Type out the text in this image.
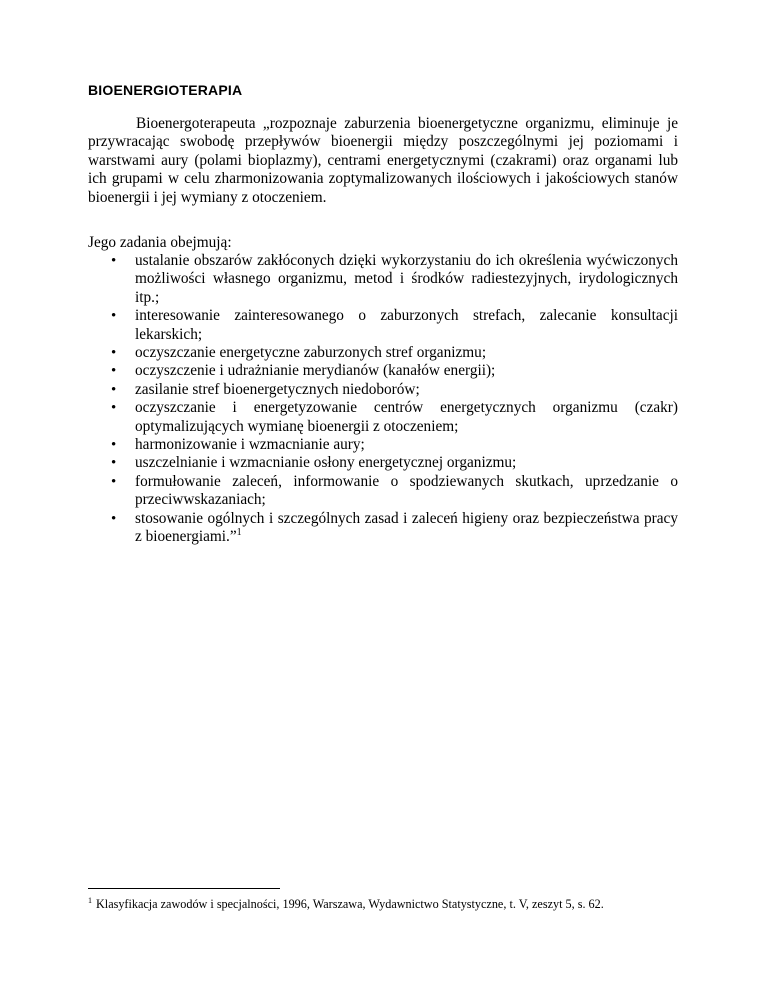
BIOENERGIOTERAPIA

Bioenergoterapeuta „rozpoznaje zaburzenia bioenergetyczne organizmu, eliminuje je przywracając swobodę przepływów bioenergii między poszczególnymi jej poziomami i warstwami aury (polami bioplazmy), centrami energetycznymi (czakrami) oraz organami lub ich grupami w celu zharmonizowania zoptymalizowanych ilościowych i jakościowych stanów bioenergii i jej wymiany z otoczeniem.

Jego zadania obejmują:

•	ustalanie obszarów zakłóconych dzięki wykorzystaniu do ich określenia wyćwiczonych możliwości własnego organizmu, metod i środków radiestezyjnych, irydologicznych itp.;
•	interesowanie zainteresowanego o zaburzonych strefach, zalecanie konsultacji lekarskich;
•	oczyszczanie energetyczne zaburzonych stref organizmu;
•	oczyszczenie i udrażnianie merydianów (kanałów energii);
•	zasilanie stref bioenergetycznych niedoborów;
•	oczyszczanie i energetyzowanie centrów energetycznych organizmu (czakr) optymalizujących wymianę bioenergii z otoczeniem;
•	harmonizowanie i wzmacnianie aury;
•	uszczelnianie i wzmacnianie osłony energetycznej organizmu;
•	formułowanie zaleceń, informowanie o spodziewanych skutkach, uprzedzanie o przeciwwskazaniach;
•	stosowanie ogólnych i szczególnych zasad i zaleceń higieny oraz bezpieczeństwa pracy z bioenergiami.”$^1$

$^1$ Klasyfikacja zawodów i specjalności, 1996, Warszawa, Wydawnictwo Statystyczne, t. V, zeszyt 5, s. 62.
